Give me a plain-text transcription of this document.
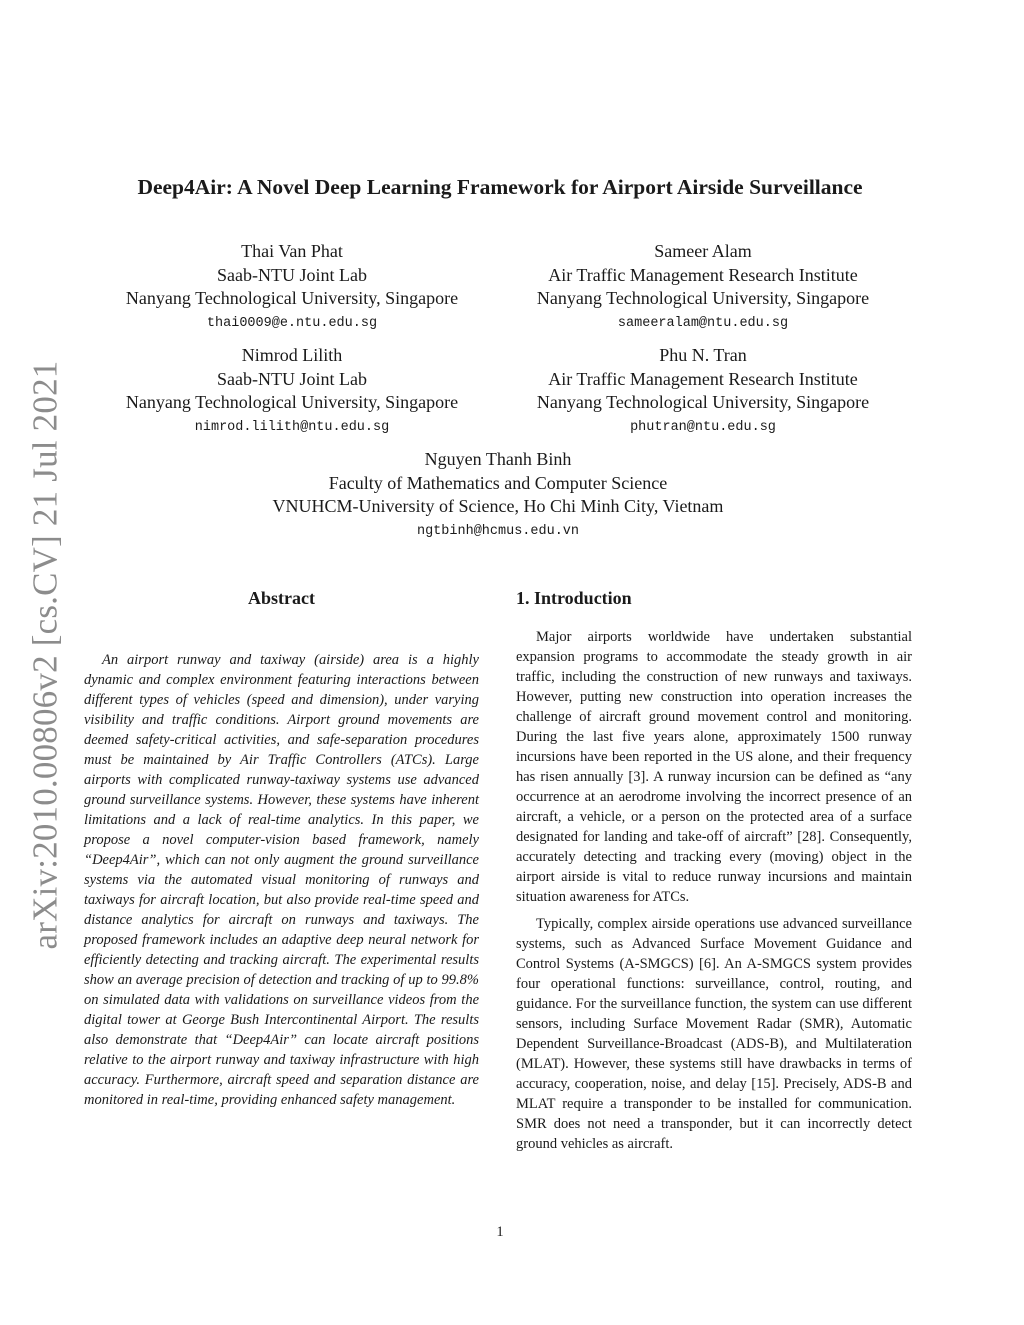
arXiv:2010.00806v2 [cs.CV] 21 Jul 2021
Deep4Air: A Novel Deep Learning Framework for Airport Airside Surveillance
Thai Van Phat
Saab-NTU Joint Lab
Nanyang Technological University, Singapore
thai0009@e.ntu.edu.sg
Sameer Alam
Air Traffic Management Research Institute
Nanyang Technological University, Singapore
sameeralam@ntu.edu.sg
Nimrod Lilith
Saab-NTU Joint Lab
Nanyang Technological University, Singapore
nimrod.lilith@ntu.edu.sg
Phu N. Tran
Air Traffic Management Research Institute
Nanyang Technological University, Singapore
phutran@ntu.edu.sg
Nguyen Thanh Binh
Faculty of Mathematics and Computer Science
VNUHCM-University of Science, Ho Chi Minh City, Vietnam
ngtbinh@hcmus.edu.vn
Abstract

An airport runway and taxiway (airside) area is a highly dynamic and complex environment featuring interactions between different types of vehicles (speed and dimension), under varying visibility and traffic conditions. Airport ground movements are deemed safety-critical activities, and safe-separation procedures must be maintained by Air Traffic Controllers (ATCs). Large airports with complicated runway-taxiway systems use advanced ground surveillance systems. However, these systems have inherent limitations and a lack of real-time analytics. In this paper, we propose a novel computer-vision based framework, namely “Deep4Air”, which can not only augment the ground surveillance systems via the automated visual monitoring of runways and taxiways for aircraft location, but also provide real-time speed and distance analytics for aircraft on runways and taxiways. The proposed framework includes an adaptive deep neural network for efficiently detecting and tracking aircraft. The experimental results show an average precision of detection and tracking of up to 99.8% on simulated data with validations on surveillance videos from the digital tower at George Bush Intercontinental Airport. The results also demonstrate that “Deep4Air” can locate aircraft positions relative to the airport runway and taxiway infrastructure with high accuracy. Furthermore, aircraft speed and separation distance are monitored in real-time, providing enhanced safety management.

1. Introduction

Major airports worldwide have undertaken substantial expansion programs to accommodate the steady growth in air traffic, including the construction of new runways and taxiways. However, putting new construction into operation increases the challenge of aircraft ground movement control and monitoring. During the last five years alone, approximately 1500 runway incursions have been reported in the US alone, and their frequency has risen annually [3]. A runway incursion can be defined as “any occurrence at an aerodrome involving the incorrect presence of an aircraft, a vehicle, or a person on the protected area of a surface designated for landing and take-off of aircraft” [28]. Consequently, accurately detecting and tracking every (moving) object in the airport airside is vital to reduce runway incursions and maintain situation awareness for ATCs.

Typically, complex airside operations use advanced surveillance systems, such as Advanced Surface Movement Guidance and Control Systems (A-SMGCS) [6]. An A-SMGCS system provides four operational functions: surveillance, control, routing, and guidance. For the surveillance function, the system can use different sensors, including Surface Movement Radar (SMR), Automatic Dependent Surveillance-Broadcast (ADS-B), and Multilateration (MLAT). However, these systems still have drawbacks in terms of accuracy, cooperation, noise, and delay [15]. Precisely, ADS-B and MLAT require a transponder to be installed for communication. SMR does not need a transponder, but it can incorrectly detect ground vehicles as aircraft.

1
